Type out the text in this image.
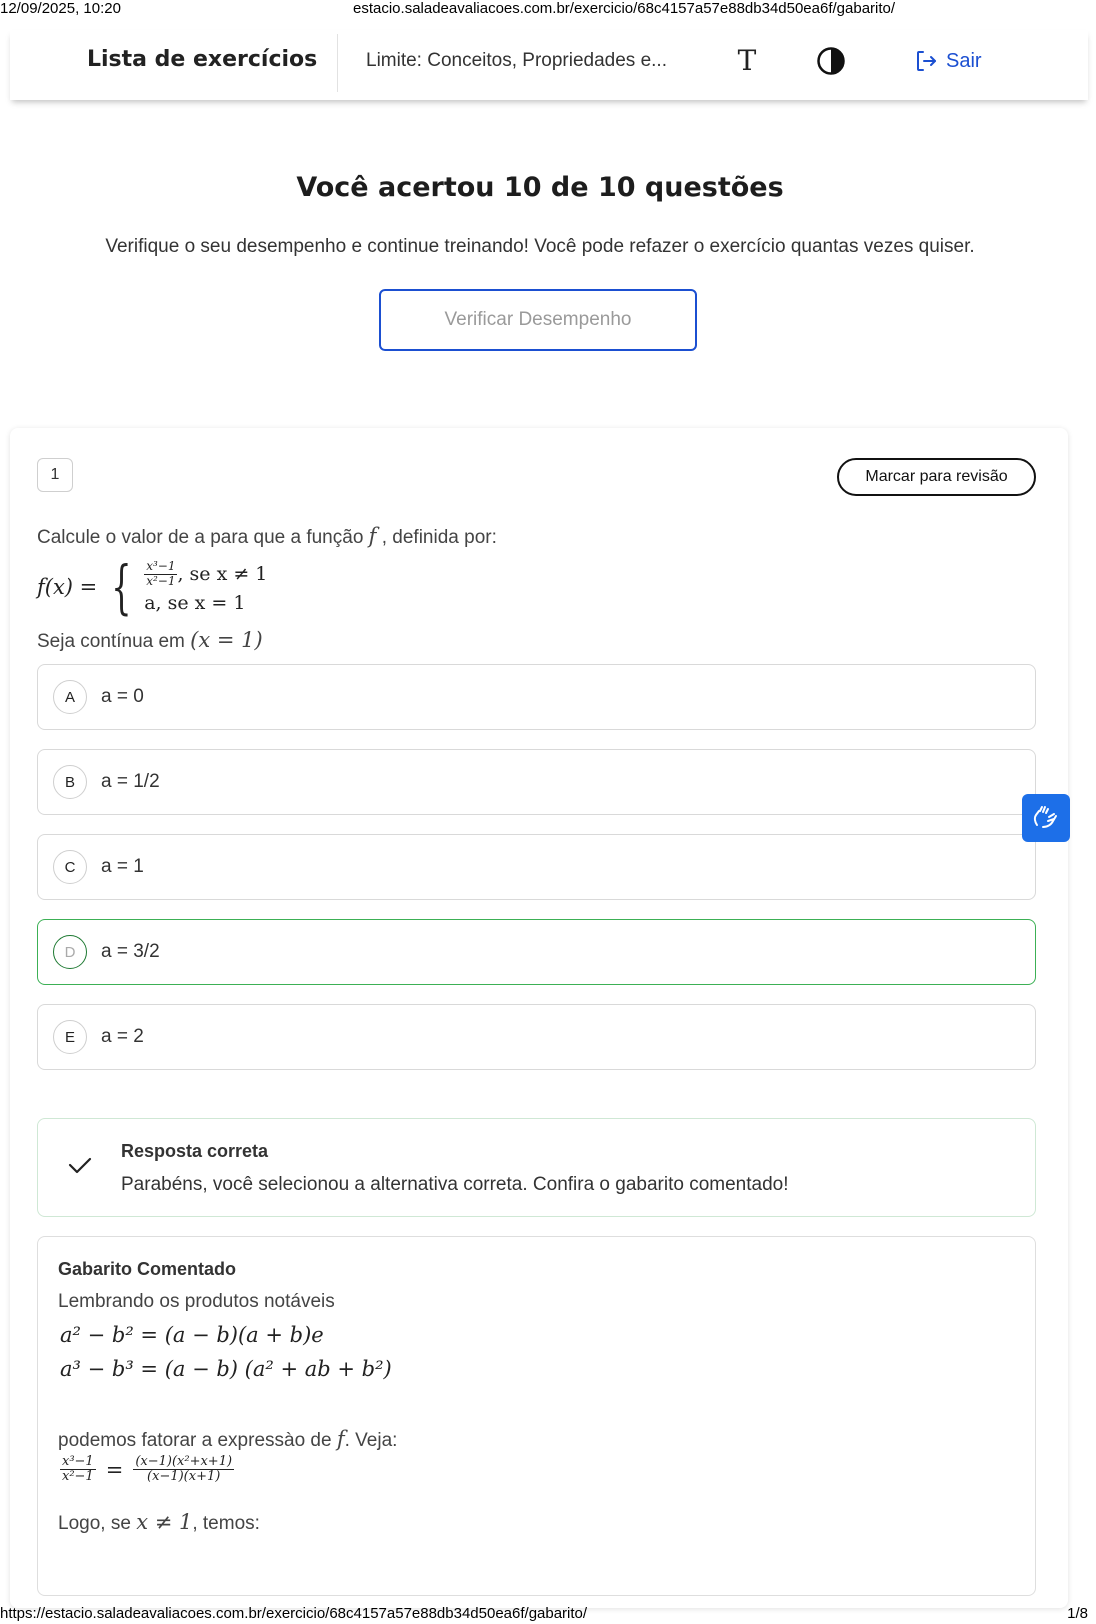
12/09/2025, 10:20	estacio.saladeavaliacoes.com.br/exercicio/68c4157a57e88db34d50ea6f/gabarito/
Lista de exercícios	Limite: Conceitos, Propriedades e...	T	Sair
Você acertou 10 de 10 questões
Verifique o seu desempenho e continue treinando! Você pode refazer o exercício quantas vezes quiser.
Verificar Desempenho
1	Marcar para revisão
Calcule o valor de a para que a função f , definida por:
f(x) = { $\frac{\text{x³−1}}{\text{x²−1}}$ , se x ≠ 1
a, se x = 1
Seja contínua em (x = 1)
A	a = 0
B	a = 1/2
C	a = 1
D	a = 3/2
E	a = 2
Resposta correta
Parabéns, você selecionou a alternativa correta. Confira o gabarito comentado!
Gabarito Comentado
Lembrando os produtos notáveis
a² − b² = (a − b)(a + b)e
a³ − b³ = (a − b) (a² + ab + b²)
podemos fatorar a expressào de f. Veja:
$\frac{\text{x³−1}}{\text{x²−1}} = \frac{\text{(x−1)(x²+x+1)}}{(x-1)(x+1)}$
Logo, se x ≠ 1, temos:
https://estacio.saladeavaliacoes.com.br/exercicio/68c4157a57e88db34d50ea6f/gabarito/	1/8
